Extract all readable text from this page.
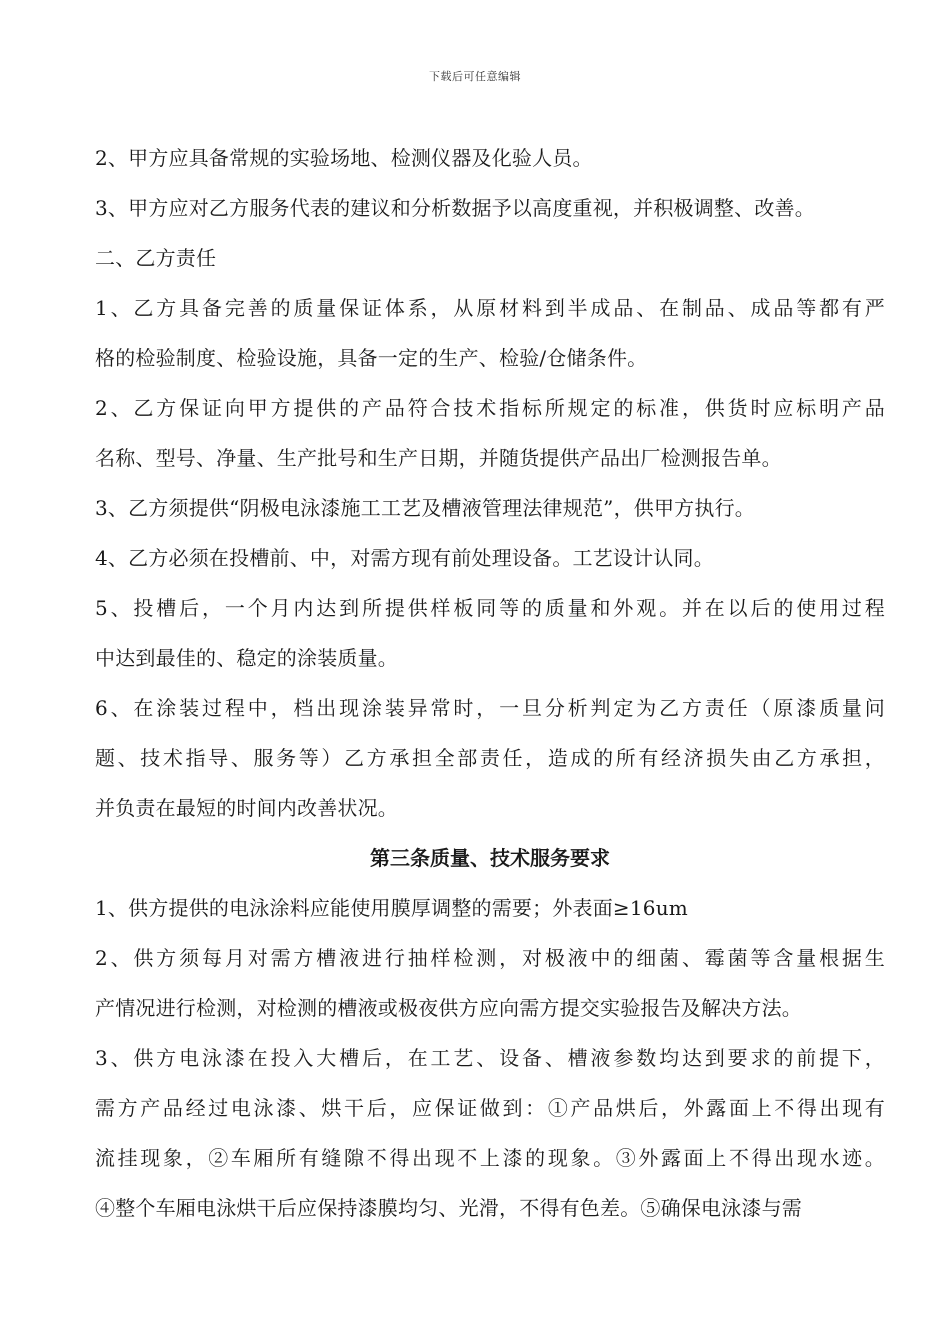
下载后可任意编辑
2、甲方应具备常规的实验场地、检测仪器及化验人员。
3、甲方应对乙方服务代表的建议和分析数据予以高度重视，并积极调整、改善。
二、乙方责任
1、乙方具备完善的质量保证体系，从原材料到半成品、在制品、成品等都有严
格的检验制度、检验设施，具备一定的生产、检验/仓储条件。
2、乙方保证向甲方提供的产品符合技术指标所规定的标准，供货时应标明产品
名称、型号、净量、生产批号和生产日期，并随货提供产品出厂检测报告单。
3、乙方须提供“阴极电泳漆施工工艺及槽液管理法律规范”，供甲方执行。
4、乙方必须在投槽前、中，对需方现有前处理设备。工艺设计认同。
5、投槽后，一个月内达到所提供样板同等的质量和外观。并在以后的使用过程
中达到最佳的、稳定的涂装质量。
6、在涂装过程中，档出现涂装异常时，一旦分析判定为乙方责任（原漆质量问
题、技术指导、服务等）乙方承担全部责任，造成的所有经济损失由乙方承担，
并负责在最短的时间内改善状况。
第三条质量、技术服务要求
1、供方提供的电泳涂料应能使用膜厚调整的需要；外表面≥16um
2、供方须每月对需方槽液进行抽样检测，对极液中的细菌、霉菌等含量根据生
产情况进行检测，对检测的槽液或极夜供方应向需方提交实验报告及解决方法。
3、供方电泳漆在投入大槽后，在工艺、设备、槽液参数均达到要求的前提下，
需方产品经过电泳漆、烘干后，应保证做到：①产品烘后，外露面上不得出现有
流挂现象，②车厢所有缝隙不得出现不上漆的现象。③外露面上不得出现水迹。
④整个车厢电泳烘干后应保持漆膜均匀、光滑，不得有色差。⑤确保电泳漆与需
